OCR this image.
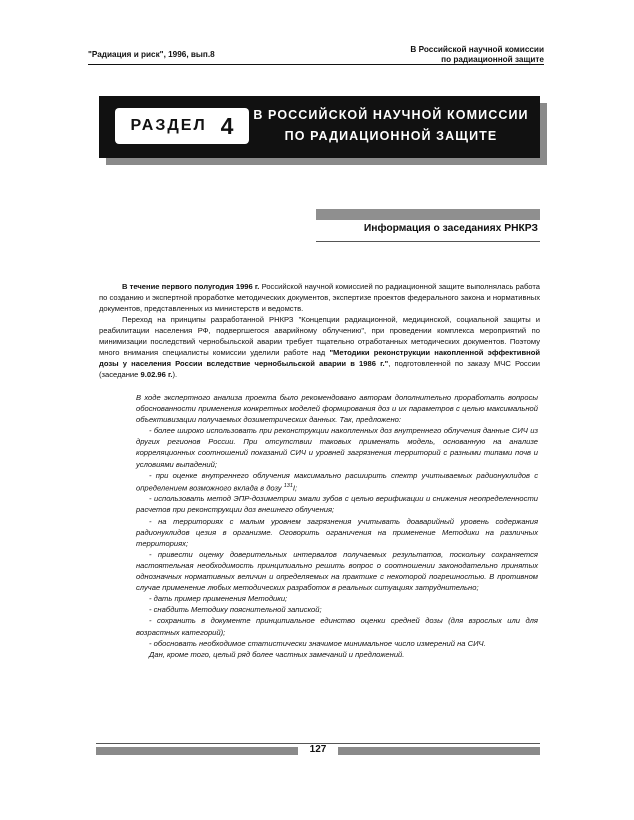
"Радиация и риск", 1996, вып.8
В Российской научной комиссии
по радиационной защите
РАЗДЕЛ 4 В РОССИЙСКОЙ НАУЧНОЙ КОМИССИИ
ПО РАДИАЦИОННОЙ ЗАЩИТЕ
Информация о заседаниях РНКРЗ

В течение первого полугодия 1996 г. Российской научной комиссией по радиационной защите выполнялась работа по созданию и экспертной проработке методических документов, экспертизе проектов федерального закона и нормативных документов, представленных из министерств и ведомств.

Переход на принципы разработанной РНКРЗ "Концепции радиационной, медицинской, социальной защиты и реабилитации населения РФ, подвергшегося аварийному облучению", при проведении комплекса мероприятий по минимизации последствий чернобыльской аварии требует тщательно отработанных методических документов. Поэтому много внимания специалисты комиссии уделили работе над "Методики реконструкции накопленной эффективной дозы у населения России вследствие чернобыльской аварии в 1986 г.", подготовленной по заказу МЧС России (заседание 9.02.96 г.).

В ходе экспертного анализа проекта было рекомендовано авторам дополнительно проработать вопросы обоснованности применения конкретных моделей формирования доз и их параметров с целью максимальной объективизации получаемых дозиметрических данных. Так, предложено:

- более широко использовать при реконструкции накопленных доз внутреннего облучения данные СИЧ из других регионов России. При отсутствии таковых применять модель, основанную на анализе корреляционных соотношений показаний СИЧ и уровней загрязнения территорий с разными типами почв и условиями выпадений;

- при оценке внутреннего облучения максимально расширить спектр учитываемых радионуклидов с определением возможного вклада в дозу $^{131}$I;

- использовать метод ЭПР-дозиметрии эмали зубов с целью верификации и снижения неопределенности расчетов при реконструкции доз внешнего облучения;

- на территориях с малым уровнем загрязнения учитывать доаварийный уровень содержания радионуклидов цезия в организме. Оговорить ограничения на применение Методики на различных территориях;

- привести оценку доверительных интервалов получаемых результатов, поскольку сохраняется настоятельная необходимость принципиально решить вопрос о соотношении законодательно принятых однозначных нормативных величин и определяемых на практике с некоторой погрешностью. В противном случае применение любых методических разработок в реальных ситуациях затруднительно;

- дать пример применения Методики;

- снабдить Методику пояснительной запиской;

- сохранить в документе принципиальное единство оценки средней дозы (для взрослых или для возрастных категорий);

- обосновать необходимое статистически значимое минимальное число измерений на СИЧ.

Дан, кроме того, целый ряд более частных замечаний и предложений.

127
